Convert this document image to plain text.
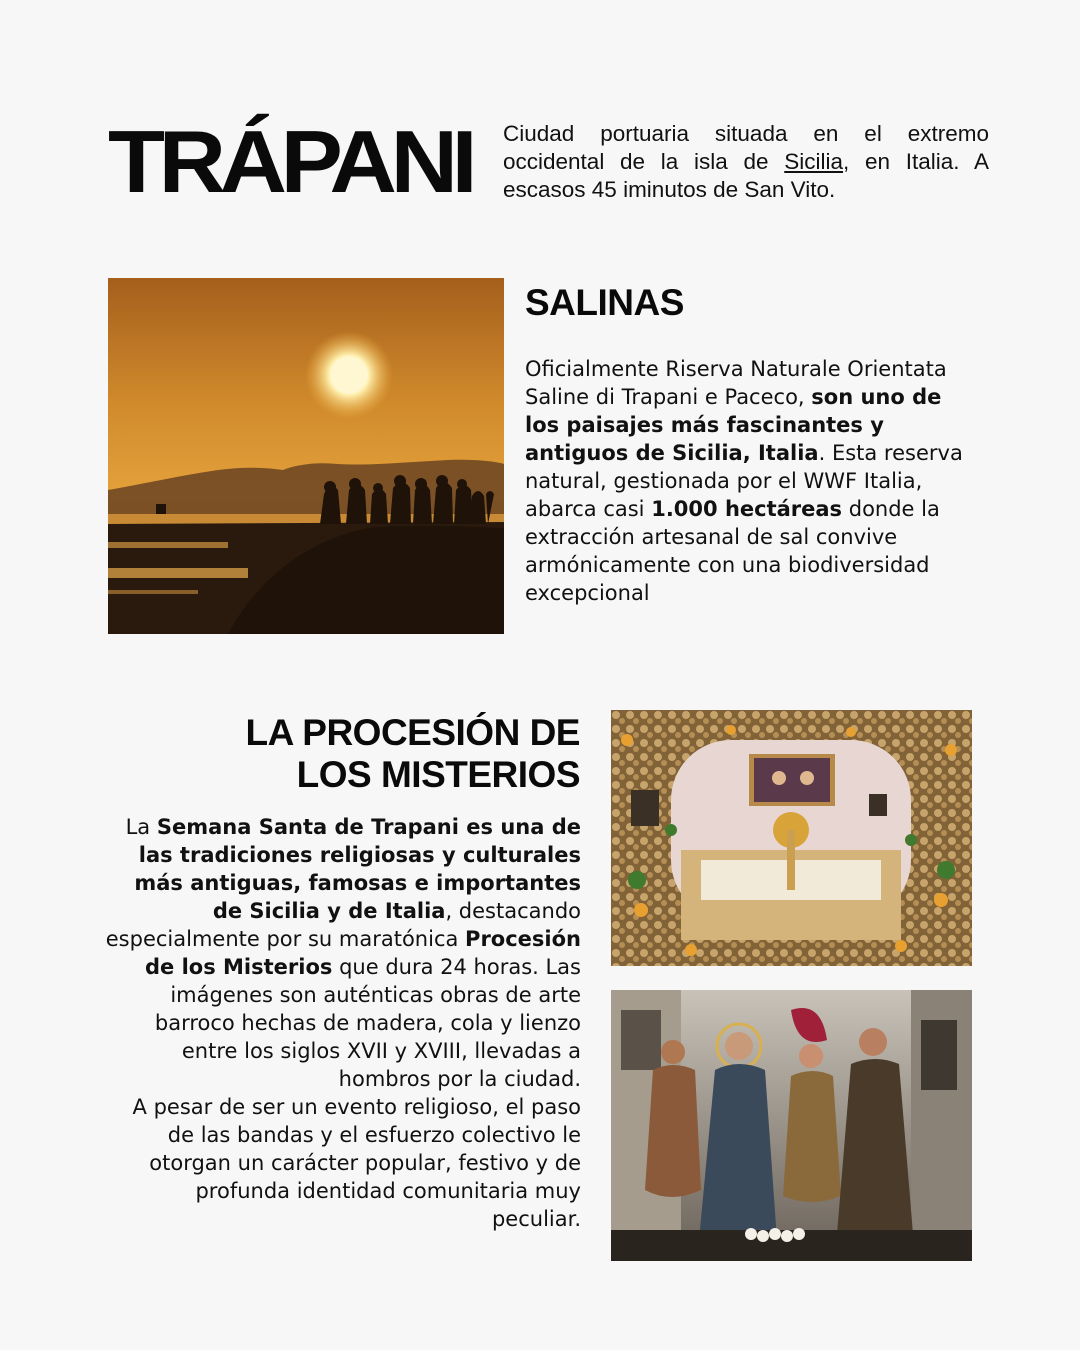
TRÁPANI Ciudad portuaria situada en el extremo occidental de la isla de Sicilia, en Italia. A escasos 45 iminutos de San Vito.

SALINAS

Oficialmente Riserva Naturale Orientata Saline di Trapani e Paceco, son uno de los paisajes más fascinantes y antiguos de Sicilia, Italia. Esta reserva natural, gestionada por el WWF Italia, abarca casi 1.000 hectáreas donde la extracción artesanal de sal convive armónicamente con una biodiversidad excepcional

LA PROCESIÓN DE
LOS MISTERIOS

La Semana Santa de Trapani es una de las tradiciones religiosas y culturales más antiguas, famosas e importantes de Sicilia y de Italia, destacando especialmente por su maratónica Procesión de los Misterios que dura 24 horas. Las imágenes son auténticas obras de arte barroco hechas de madera, cola y lienzo entre los siglos XVII y XVIII, llevadas a hombros por la ciudad.
A pesar de ser un evento religioso, el paso de las bandas y el esfuerzo colectivo le otorgan un carácter popular, festivo y de profunda identidad comunitaria muy peculiar.
